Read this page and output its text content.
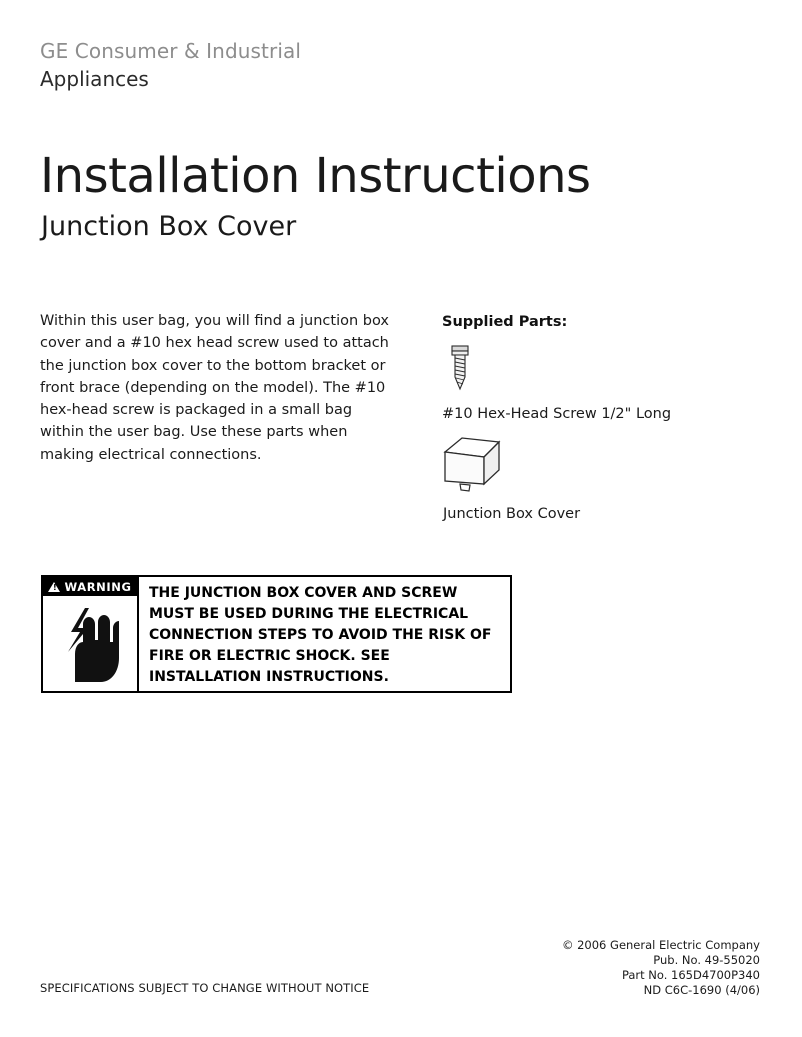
GE Consumer & Industrial
Appliances
Installation Instructions
Junction Box Cover
Within this user bag, you will find a junction box cover and a #10 hex head screw used to attach the junction box cover to the bottom bracket or front brace (depending on the model). The #10 hex-head screw is packaged in a small bag within the user bag. Use these parts when making electrical connections.
Supplied Parts:
#10 Hex-Head Screw 1/2" Long
Junction Box Cover
!
WARNING	THE JUNCTION BOX COVER AND SCREW MUST BE USED DURING THE ELECTRICAL CONNECTION STEPS TO AVOID THE RISK OF FIRE OR ELECTRIC SHOCK. SEE INSTALLATION INSTRUCTIONS.
SPECIFICATIONS SUBJECT TO CHANGE WITHOUT NOTICE
© 2006 General Electric Company
Pub. No. 49-55020
Part No. 165D4700P340
ND C6C-1690 (4/06)
